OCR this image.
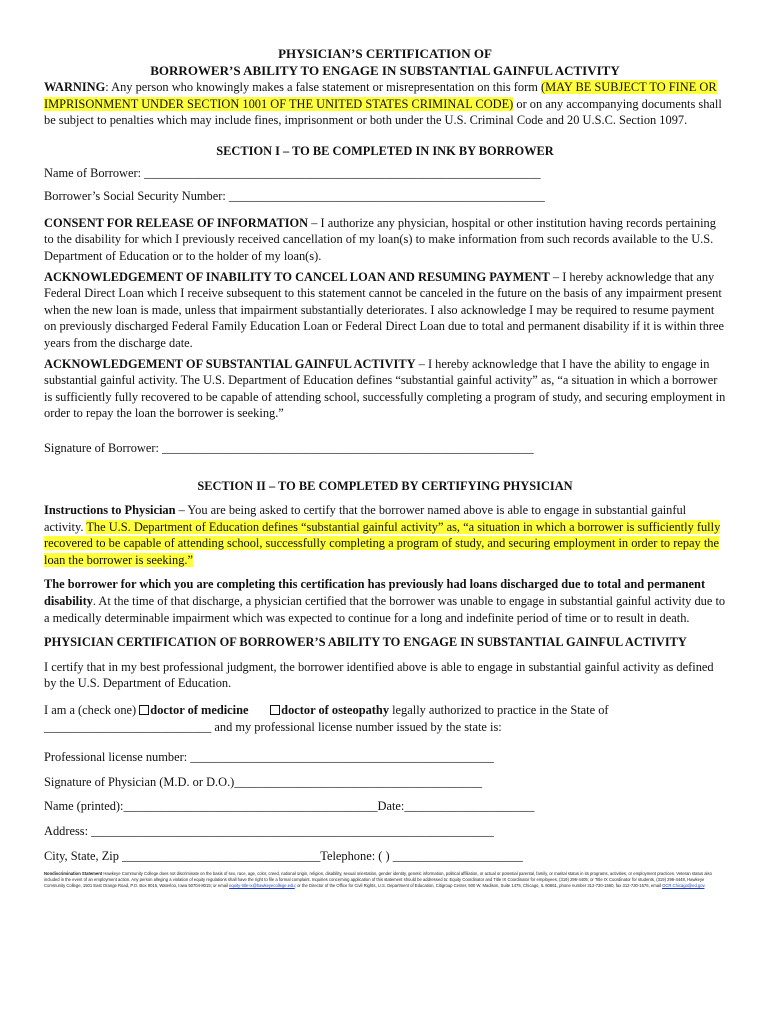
PHYSICIAN’S CERTIFICATION OF
BORROWER’S ABILITY TO ENGAGE IN SUBSTANTIAL GAINFUL ACTIVITY

WARNING: Any person who knowingly makes a false statement or misrepresentation on this form (MAY BE SUBJECT TO FINE OR IMPRISONMENT UNDER SECTION 1001 OF THE UNITED STATES CRIMINAL CODE) or on any accompanying documents shall be subject to penalties which may include fines, imprisonment or both under the U.S. Criminal Code and 20 U.S.C. Section 1097.

SECTION I – TO BE COMPLETED IN INK BY BORROWER
Name of Borrower: ________________________________________________________________
Borrower’s Social Security Number: ___________________________________________________

CONSENT FOR RELEASE OF INFORMATION – I authorize any physician, hospital or other institution having records pertaining to the disability for which I previously received cancellation of my loan(s) to make information from such records available to the U.S. Department of Education or to the holder of my loan(s).

ACKNOWLEDGEMENT OF INABILITY TO CANCEL LOAN AND RESUMING PAYMENT – I hereby acknowledge that any Federal Direct Loan which I receive subsequent to this statement cannot be canceled in the future on the basis of any impairment present when the new loan is made, unless that impairment substantially deteriorates. I also acknowledge I may be required to resume payment on previously discharged Federal Family Education Loan or Federal Direct Loan due to total and permanent disability if it is within three years from the discharge date.

ACKNOWLEDGEMENT OF SUBSTANTIAL GAINFUL ACTIVITY – I hereby acknowledge that I have the ability to engage in substantial gainful activity. The U.S. Department of Education defines “substantial gainful activity” as, “a situation in which a borrower is sufficiently fully recovered to be capable of attending school, successfully completing a program of study, and securing employment in order to repay the loan the borrower is seeking.”

Signature of Borrower: ____________________________________________________________
SECTION II – TO BE COMPLETED BY CERTIFYING PHYSICIAN

Instructions to Physician – You are being asked to certify that the borrower named above is able to engage in substantial gainful activity. The U.S. Department of Education defines “substantial gainful activity” as, “a situation in which a borrower is sufficiently fully recovered to be capable of attending school, successfully completing a program of study, and securing employment in order to repay the loan the borrower is seeking.”

The borrower for which you are completing this certification has previously had loans discharged due to total and permanent disability. At the time of that discharge, a physician certified that the borrower was unable to engage in substantial gainful activity due to a medically determinable impairment which was expected to continue for a long and indefinite period of time or to result in death.

PHYSICIAN CERTIFICATION OF BORROWER’S ABILITY TO ENGAGE IN SUBSTANTIAL GAINFUL ACTIVITY

I certify that in my best professional judgment, the borrower identified above is able to engage in substantial gainful activity as defined by the U.S. Department of Education.

I am a (check one) doctor of medicine	doctor of osteopathy legally authorized to practice in the State of
___________________________ and my professional license number issued by the state is:
Professional license number: _________________________________________________
Signature of Physician (M.D. or D.O.)________________________________________
Name (printed):_________________________________________Date:_____________________
Address: _________________________________________________________________
City, State, Zip ________________________________Telephone: ( ) _____________________
Nondiscrimination Statement Hawkeye Community College does not discriminate on the basis of sex, race, age, color, creed, national origin, religion, disability, sexual orientation, gender identity, genetic information, political affiliation, or actual or potential parental, family, or marital status in its programs, activities, or employment practices. Veteran status also included in the event of an employment action. Any person alleging a violation of equity regulations shall have the right to file a formal complaint. Inquiries concerning application of this statement should be addressed to: Equity Coordinator and Title IX Coordinator for employees, (319) 296-4405; or Title IX Coordinator for students, (319) 296-4448, Hawkeye Community College, 1501 East Orange Road, P.O. Box 8015, Waterloo, Iowa 50704-8015; or email equity-title-ix@hawkeyecollege.edu; or the Director of the Office for Civil Rights, U.S. Department of Education, Citigroup Center, 500 W. Madison, Suite 1475, Chicago, IL 60661, phone number 312-730-1560, fax 312-730-1576, email OCR.Chicago@ed.gov.
